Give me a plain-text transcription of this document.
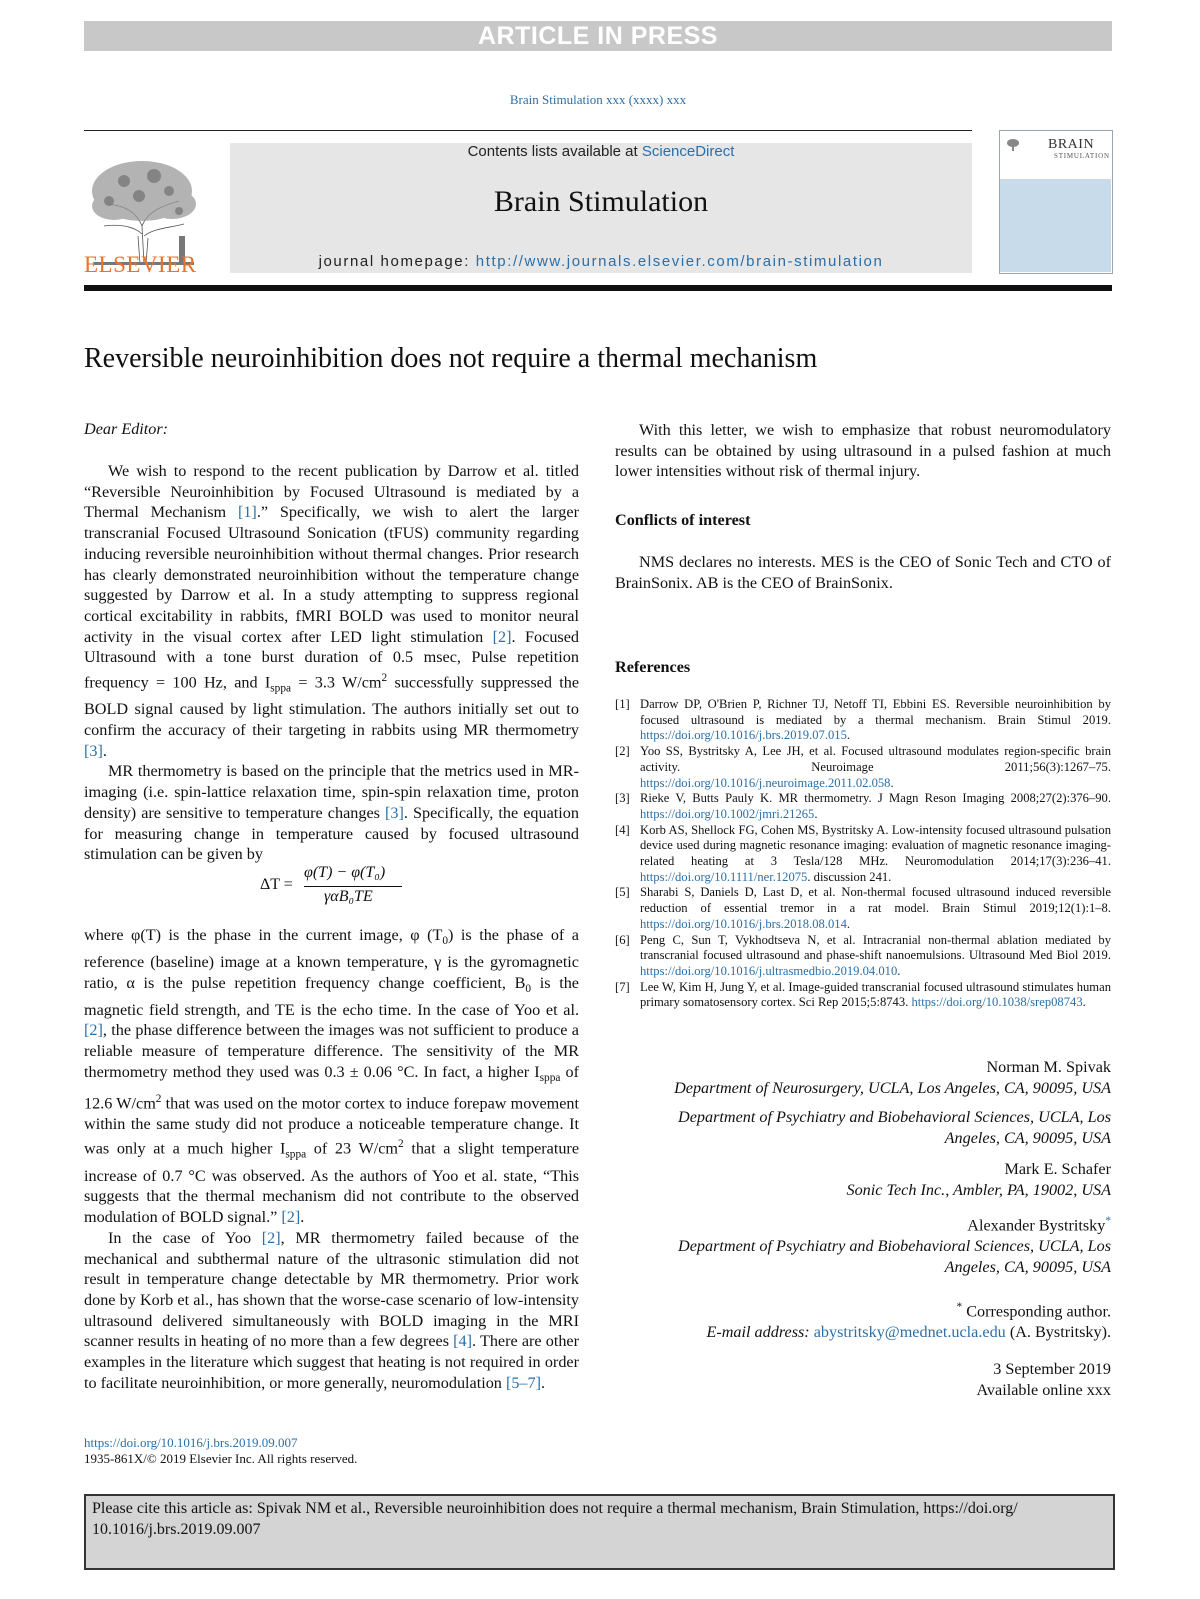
ARTICLE IN PRESS
Brain Stimulation xxx (xxxx) xxx
ELSEVIER
Contents lists available at ScienceDirect
Brain Stimulation
journal homepage: http://www.journals.elsevier.com/brain-stimulation
BRAIN
STIMULATION
Reversible neuroinhibition does not require a thermal mechanism
Dear Editor:

We wish to respond to the recent publication by Darrow et al. titled “Reversible Neuroinhibition by Focused Ultrasound is mediated by a Thermal Mechanism [1].” Specifically, we wish to alert the larger transcranial Focused Ultrasound Sonication (tFUS) community regarding inducing reversible neuroinhibition without thermal changes. Prior research has clearly demonstrated neuroinhibition without the temperature change suggested by Darrow et al. In a study attempting to suppress regional cortical excitability in rabbits, fMRI BOLD was used to monitor neural activity in the visual cortex after LED light stimulation [2]. Focused Ultrasound with a tone burst duration of 0.5 msec, Pulse repetition frequency = 100 Hz, and $I_{sppa} = 3.3$ $W/cm^2$ successfully suppressed the BOLD signal caused by light stimulation. The authors initially set out to confirm the accuracy of their targeting in rabbits using MR thermometry [3].

MR thermometry is based on the principle that the metrics used in MR-imaging (i.e. spin-lattice relaxation time, spin-spin relaxation time, proton density) are sensitive to temperature changes [3]. Specifically, the equation for measuring change in temperature caused by focused ultrasound stimulation can be given by

ΔT =
φ(T) − φ(T₀)
γαB₀TE

where φ(T) is the phase in the current image, φ $(T_0)$ is the phase of a reference (baseline) image at a known temperature, γ is the gyromagnetic ratio, α is the pulse repetition frequency change coefficient, $B_0$ is the magnetic field strength, and TE is the echo time. In the case of Yoo et al. [2], the phase difference between the images was not sufficient to produce a reliable measure of temperature difference. The sensitivity of the MR thermometry method they used was 0.3 ± 0.06 °C. In fact, a higher $I_{sppa}$ of 12.6 $W/cm^2$ that was used on the motor cortex to induce forepaw movement within the same study did not produce a noticeable temperature change. It was only at a much higher $I_{sppa}$ of 23 $W/cm^2$ that a slight temperature increase of 0.7 °C was observed. As the authors of Yoo et al. state, “This suggests that the thermal mechanism did not contribute to the observed modulation of BOLD signal.” [2].

In the case of Yoo [2], MR thermometry failed because of the mechanical and subthermal nature of the ultrasonic stimulation did not result in temperature change detectable by MR thermometry. Prior work done by Korb et al., has shown that the worse-case scenario of low-intensity ultrasound delivered simultaneously with BOLD imaging in the MRI scanner results in heating of no more than a few degrees [4]. There are other examples in the literature which suggest that heating is not required in order to facilitate neuroinhibition, or more generally, neuromodulation [5–7].

With this letter, we wish to emphasize that robust neuromodulatory results can be obtained by using ultrasound in a pulsed fashion at much lower intensities without risk of thermal injury.

Conflicts of interest

NMS declares no interests. MES is the CEO of Sonic Tech and CTO of BrainSonix. AB is the CEO of BrainSonix.

References
[1] Darrow DP, O'Brien P, Richner TJ, Netoff TI, Ebbini ES. Reversible neuroinhibition by focused ultrasound is mediated by a thermal mechanism. Brain Stimul 2019. https://doi.org/10.1016/j.brs.2019.07.015.
[2] Yoo SS, Bystritsky A, Lee JH, et al. Focused ultrasound modulates region-specific brain activity. Neuroimage 2011;56(3):1267–75. https://doi.org/10.1016/j.neuroimage.2011.02.058.
[3] Rieke V, Butts Pauly K. MR thermometry. J Magn Reson Imaging 2008;27(2):376–90. https://doi.org/10.1002/jmri.21265.
[4] Korb AS, Shellock FG, Cohen MS, Bystritsky A. Low-intensity focused ultrasound pulsation device used during magnetic resonance imaging: evaluation of magnetic resonance imaging-related heating at 3 Tesla/128 MHz. Neuromodulation 2014;17(3):236–41. https://doi.org/10.1111/ner.12075. discussion 241.
[5] Sharabi S, Daniels D, Last D, et al. Non-thermal focused ultrasound induced reversible reduction of essential tremor in a rat model. Brain Stimul 2019;12(1):1–8. https://doi.org/10.1016/j.brs.2018.08.014.
[6] Peng C, Sun T, Vykhodtseva N, et al. Intracranial non-thermal ablation mediated by transcranial focused ultrasound and phase-shift nanoemulsions. Ultrasound Med Biol 2019. https://doi.org/10.1016/j.ultrasmedbio.2019.04.010.
[7] Lee W, Kim H, Jung Y, et al. Image-guided transcranial focused ultrasound stimulates human primary somatosensory cortex. Sci Rep 2015;5:8743. https://doi.org/10.1038/srep08743.

Norman M. Spivak

Department of Neurosurgery, UCLA, Los Angeles, CA, 90095, USA

Department of Psychiatry and Biobehavioral Sciences, UCLA, Los

Angeles, CA, 90095, USA

Mark E. Schafer

Sonic Tech Inc., Ambler, PA, 19002, USA

Alexander Bystritsky*

Department of Psychiatry and Biobehavioral Sciences, UCLA, Los

Angeles, CA, 90095, USA

* Corresponding author.

E-mail address: abystritsky@mednet.ucla.edu (A. Bystritsky).

3 September 2019

Available online xxx

https://doi.org/10.1016/j.brs.2019.09.007
1935-861X/© 2019 Elsevier Inc. All rights reserved.
Please cite this article as: Spivak NM et al., Reversible neuroinhibition does not require a thermal mechanism, Brain Stimulation, https://doi.org/
10.1016/j.brs.2019.09.007
